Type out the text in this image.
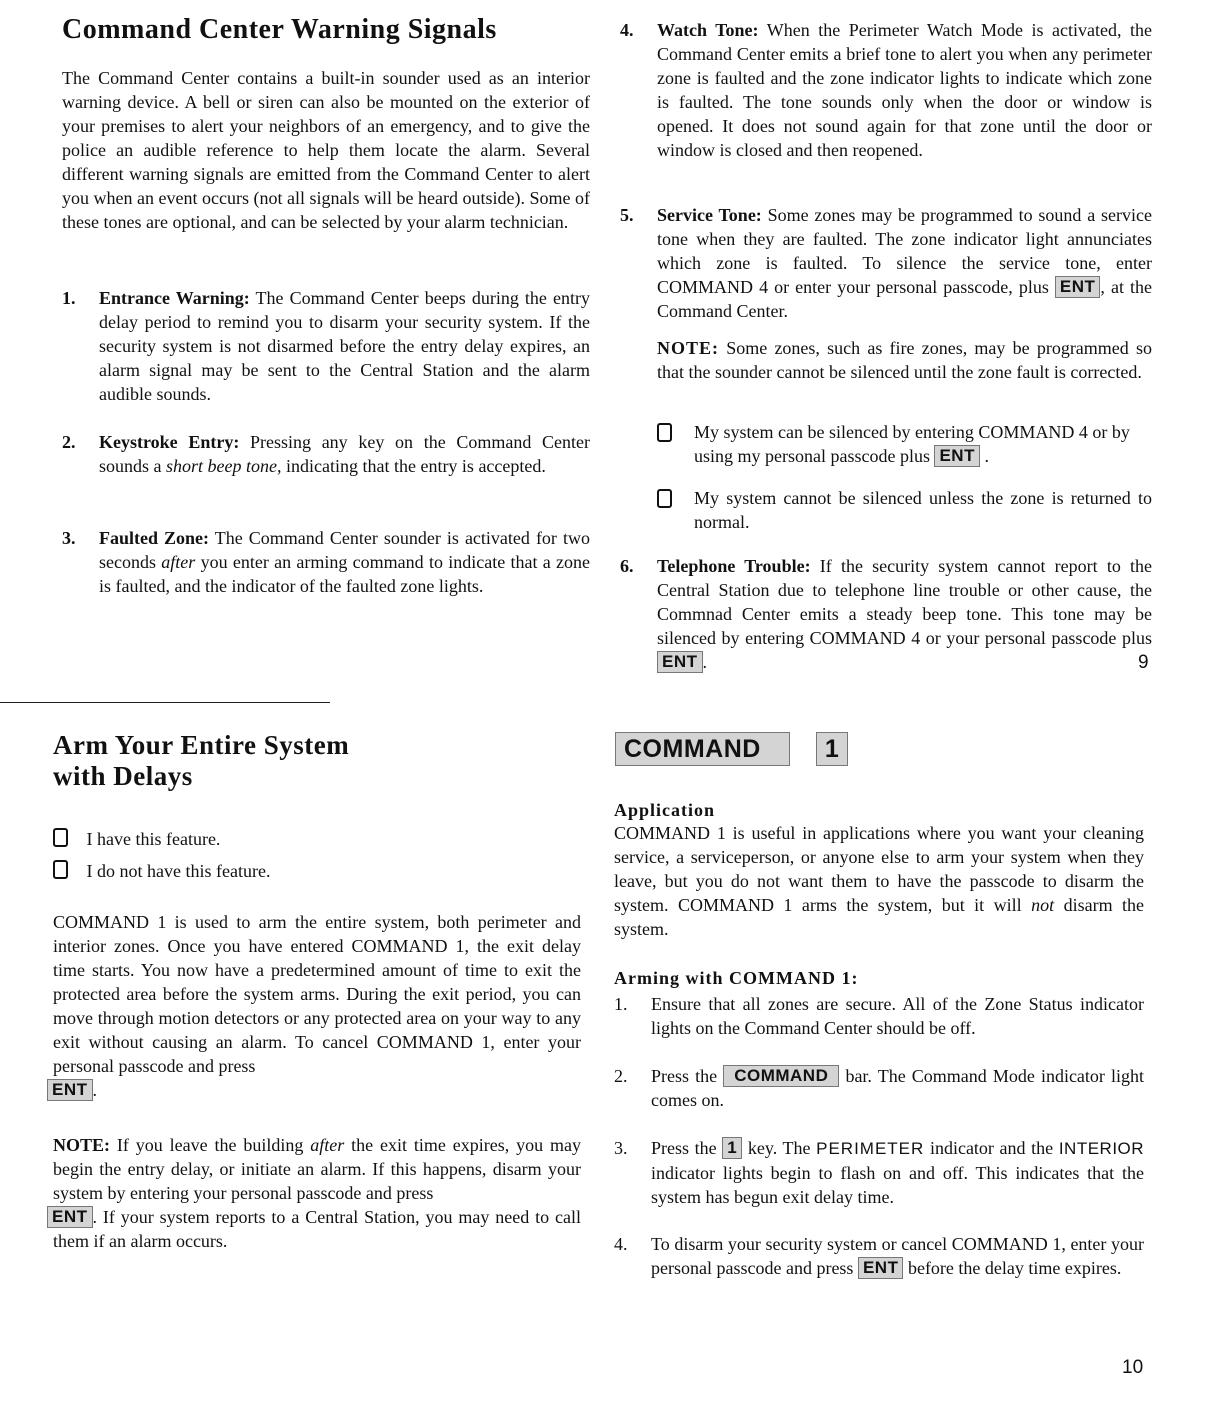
Command Center Warning Signals

The Command Center contains a built-in sounder used as an interior warning device. A bell or siren can also be mounted on the exterior of your premises to alert your neighbors of an emergency, and to give the police an audible reference to help them locate the alarm. Several different warning signals are emitted from the Command Center to alert you when an event occurs (not all signals will be heard outside). Some of these tones are optional, and can be selected by your alarm technician.

1. Entrance Warning: The Command Center beeps during the entry delay period to remind you to disarm your security system. If the security system is not disarmed before the entry delay expires, an alarm signal may be sent to the Central Station and the alarm audible sounds.
2. Keystroke Entry: Pressing any key on the Command Center sounds a short beep tone, indicating that the entry is accepted.
3. Faulted Zone: The Command Center sounder is activated for two seconds after you enter an arming command to indicate that a zone is faulted, and the indicator of the faulted zone lights.
4. Watch Tone: When the Perimeter Watch Mode is activated, the Command Center emits a brief tone to alert you when any perimeter zone is faulted and the zone indicator lights to indicate which zone is faulted. The tone sounds only when the door or window is opened. It does not sound again for that zone until the door or window is closed and then reopened.
5. Service Tone: Some zones may be programmed to sound a service tone when they are faulted. The zone indicator light annunciates which zone is faulted. To silence the service tone, enter COMMAND 4 or enter your personal passcode, plus ENT , at the Command Center.
NOTE: Some zones, such as fire zones, may be programmed so that the sounder cannot be silenced until the zone fault is corrected.
My system can be silenced by entering COMMAND 4 or by using my personal passcode plus ENT .
My system cannot be silenced unless the zone is returned to normal.
6. Telephone Trouble: If the security system cannot report to the Central Station due to telephone line trouble or other cause, the Commnad Center emits a steady beep tone. This tone may be silenced by entering COMMAND 4 or your personal passcode plus ENT .	9
Arm Your Entire System
with Delays
I have this feature.
I do not have this feature.

COMMAND 1 is used to arm the entire system, both perimeter and interior zones. Once you have entered COMMAND 1, the exit delay time starts. You now have a predetermined amount of time to exit the protected area before the system arms. During the exit period, you can move through motion detectors or any protected area on your way to any exit without causing an alarm. To cancel COMMAND 1, enter your personal passcode and press
ENT .

NOTE: If you leave the building after the exit time expires, you may begin the entry delay, or initiate an alarm. If this happens, disarm your system by entering your personal passcode and press
ENT . If your system reports to a Central Station, you may need to call them if an alarm occurs.

COMMAND	1
Application

COMMAND 1 is useful in applications where you want your cleaning service, a serviceperson, or anyone else to arm your system when they leave, but you do not want them to have the passcode to disarm the system. COMMAND 1 arms the system, but it will not disarm the system.

Arming with COMMAND 1:
1. Ensure that all zones are secure. All of the Zone Status indicator lights on the Command Center should be off.
2. Press the COMMAND bar. The Command Mode indicator light comes on.
3. Press the 1 key. The PERIMETER indicator and the INTERIOR indicator lights begin to flash on and off. This indicates that the system has begun exit delay time.
4. To disarm your security system or cancel COMMAND 1, enter your personal passcode and press ENT before the delay time expires.
10
